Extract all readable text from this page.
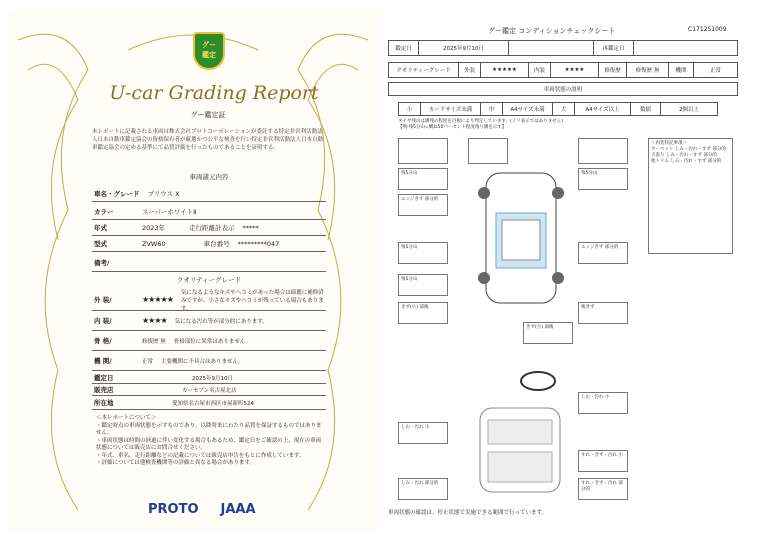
グー
鑑定
U-car Grading Report
グー鑑定証
本レポートに記載される車両は株式会社プロトコーポレーションが委託する特定非営利活動法人日本自動車鑑定協会の資格保有者が厳選かつ公平な検査を行い特定非営利活動法人日本自動車鑑定協会の定める基準にて品質評価を行ったものであることを証明する。
車両諸元内容
車名・グレード プリウス X
カラー	スーパーホワイトⅡ
年式	2023年	走行距離計表示 *****
型式	ZVW60	車台番号 *********047
備考/
クオリティーグレード
外 装/	★★★★★
気になるようなキズやヘコミがあった場合は綺麗に補修済みですが、小さなキズやヘコミが残っている場合もあります。
内 装/	★★★★ 気になる汚れ等が部分的にあります。
骨 格/	修復歴 無 骨格部位に異常はありません。
機 関/	正常 主要機関に不具合はありません。
鑑定日	2025年9月10日
販売店	カーセブン名古屋北店
所在地	愛知県名古屋市西区市屋新町524
＜本レポートについて＞
・鑑定時点の車両状態を示すものであり、以降将来にわたり品質を保証するものではありません。
・車両状態は時間の経過に伴い変化する場合もあるため、鑑定日をご確認の上、現在の車両状態については販売店にお問合せください。
・年式、車名、走行距離などの記載については販売店申告をもとに作成しています。
・評価については他検査機関等の評価と異なる場合があります。
PROTO JAAA
グー鑑定 コンディションチェックシート	C171251009
鑑定日	2025年9月10日	再鑑定日
クオリティーグレード	外装	★★★★★	内装	★★★★	修復歴	修復歴 無	機関	正常
車両状態の説明
小	カードサイズ未満	中	A4サイズ未満	大	A4サイズ以上	数値	2個以上
タイヤ残山は溝残の程度を目視により判定しています。(ミリ表示ではありません)
【例:残5分山=概ね50パーセント程度残り溝を示す】
＜内装特記事項＞
カーペット しみ・汚れ・すず 部分的
天張り しみ・汚れ・すず 部分的
他トリム しみ・汚れ・すず 部分的
残5分山
エッジきず 部分的
残5分山
残5分山	エッジきず 部分的
残5分山
きず(小) 部後	後きず
きず(小) 部後
しわ・汚れ 小
しわ・汚れ 小
すれ・きず・汚れ 小
しみ・汚れ 部分的	すれ・きず・汚れ 部分的
車両状態の確認は、停止状態で実施できる範囲で行っています。
